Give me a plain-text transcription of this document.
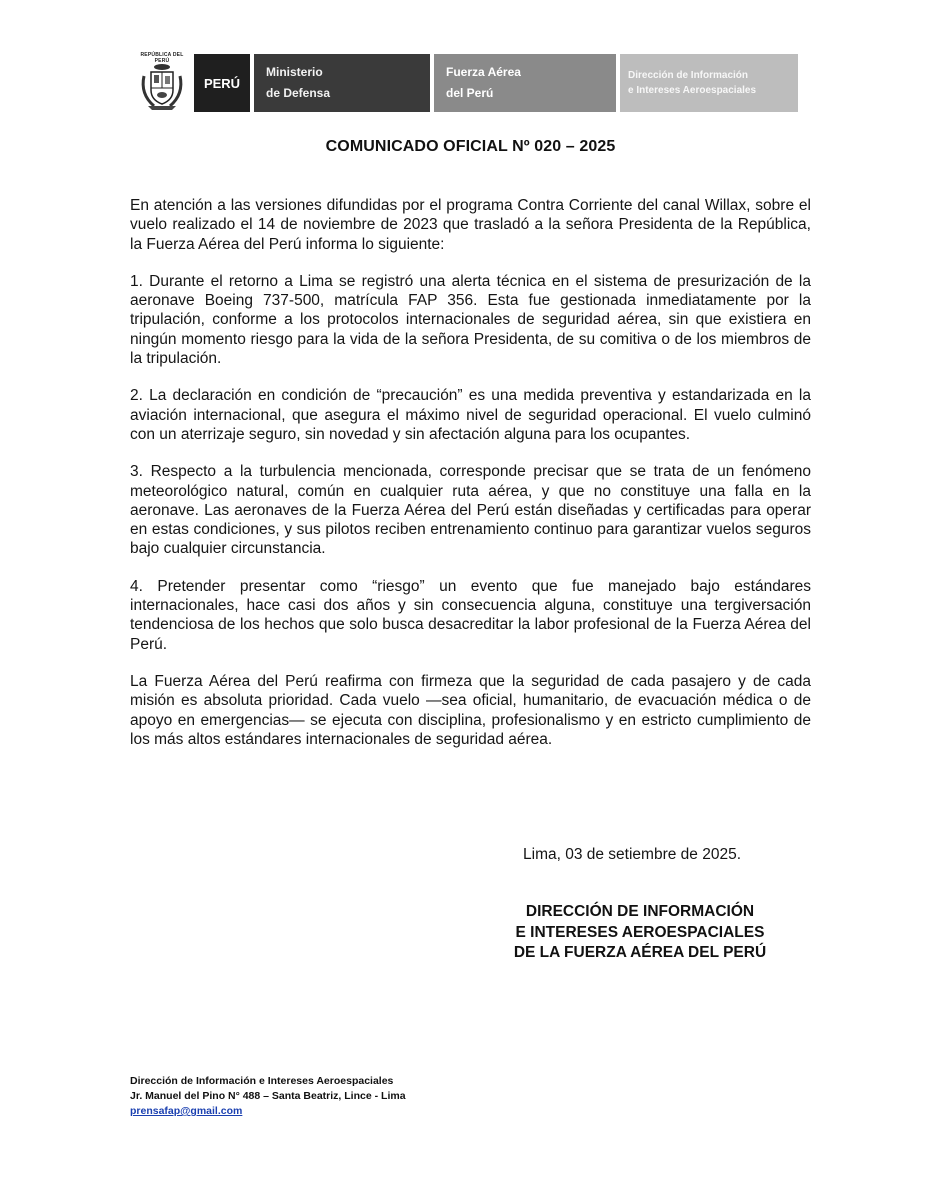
REPÚBLICA DEL PERÚ
PERÚ
Ministerio
de Defensa
Fuerza Aérea
del Perú
Dirección de Información
e Intereses Aeroespaciales
COMUNICADO OFICIAL Nº 020 – 2025

En atención a las versiones difundidas por el programa Contra Corriente del canal Willax, sobre el vuelo realizado el 14 de noviembre de 2023 que trasladó a la señora Presidenta de la República, la Fuerza Aérea del Perú informa lo siguiente:

1. Durante el retorno a Lima se registró una alerta técnica en el sistema de presurización de la aeronave Boeing 737-500, matrícula FAP 356. Esta fue gestionada inmediatamente por la tripulación, conforme a los protocolos internacionales de seguridad aérea, sin que existiera en ningún momento riesgo para la vida de la señora Presidenta, de su comitiva o de los miembros de la tripulación.

2. La declaración en condición de “precaución” es una medida preventiva y estandarizada en la aviación internacional, que asegura el máximo nivel de seguridad operacional. El vuelo culminó con un aterrizaje seguro, sin novedad y sin afectación alguna para los ocupantes.

3. Respecto a la turbulencia mencionada, corresponde precisar que se trata de un fenómeno meteorológico natural, común en cualquier ruta aérea, y que no constituye una falla en la aeronave. Las aeronaves de la Fuerza Aérea del Perú están diseñadas y certificadas para operar en estas condiciones, y sus pilotos reciben entrenamiento continuo para garantizar vuelos seguros bajo cualquier circunstancia.

4. Pretender presentar como “riesgo” un evento que fue manejado bajo estándares internacionales, hace casi dos años y sin consecuencia alguna, constituye una tergiversación tendenciosa de los hechos que solo busca desacreditar la labor profesional de la Fuerza Aérea del Perú.

La Fuerza Aérea del Perú reafirma con firmeza que la seguridad de cada pasajero y de cada misión es absoluta prioridad. Cada vuelo —sea oficial, humanitario, de evacuación médica o de apoyo en emergencias— se ejecuta con disciplina, profesionalismo y en estricto cumplimiento de los más altos estándares internacionales de seguridad aérea.

Lima, 03 de setiembre de 2025.
DIRECCIÓN DE INFORMACIÓN
E INTERESES AEROESPACIALES
DE LA FUERZA AÉREA DEL PERÚ
Dirección de Información e Intereses Aeroespaciales
Jr. Manuel del Pino N° 488 – Santa Beatriz, Lince - Lima
prensafap@gmail.com
